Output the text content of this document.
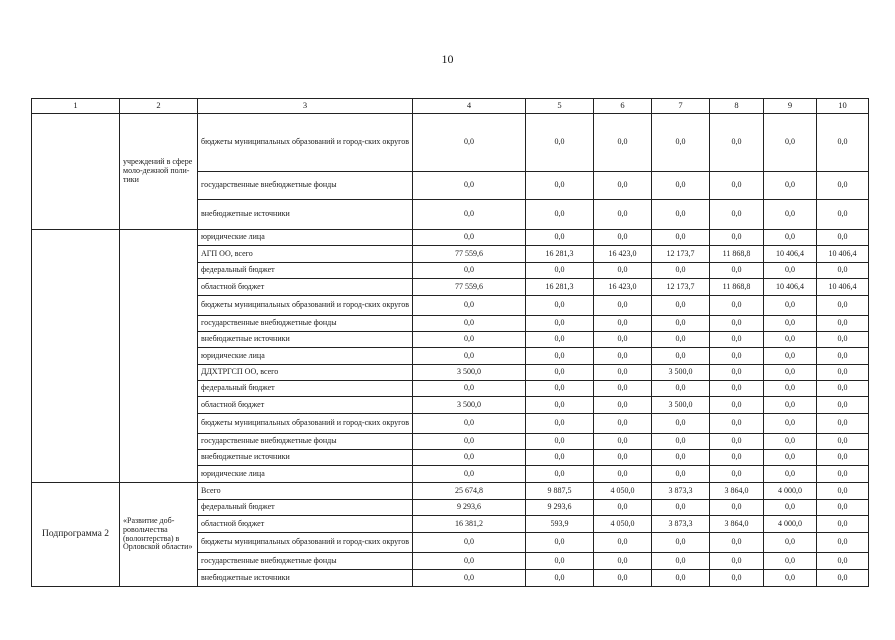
10
1	2	3	4	5	6	7	8	9	10
	учреждений в сфере моло-дежной поли-тики	бюджеты муниципальных образований и город-ских округов	0,0	0,0	0,0	0,0	0,0	0,0	0,0
		государственные внебюджетные фонды	0,0	0,0	0,0	0,0	0,0	0,0	0,0
		внебюджетные источники	0,0	0,0	0,0	0,0	0,0	0,0	0,0
		юридические лица	0,0	0,0	0,0	0,0	0,0	0,0	0,0
		АГП ОО, всего	77 559,6	16 281,3	16 423,0	12 173,7	11 868,8	10 406,4	10 406,4
		федеральный бюджет	0,0	0,0	0,0	0,0	0,0	0,0	0,0
		областной бюджет	77 559,6	16 281,3	16 423,0	12 173,7	11 868,8	10 406,4	10 406,4
		бюджеты муниципальных образований и город-ских округов	0,0	0,0	0,0	0,0	0,0	0,0	0,0
		государственные внебюджетные фонды	0,0	0,0	0,0	0,0	0,0	0,0	0,0
		внебюджетные источники	0,0	0,0	0,0	0,0	0,0	0,0	0,0
		юридические лица	0,0	0,0	0,0	0,0	0,0	0,0	0,0
		ДДХТРГСП ОО, всего	3 500,0	0,0	0,0	3 500,0	0,0	0,0	0,0
		федеральный бюджет	0,0	0,0	0,0	0,0	0,0	0,0	0,0
		областной бюджет	3 500,0	0,0	0,0	3 500,0	0,0	0,0	0,0
		бюджеты муниципальных образований и город-ских округов	0,0	0,0	0,0	0,0	0,0	0,0	0,0
		государственные внебюджетные фонды	0,0	0,0	0,0	0,0	0,0	0,0	0,0
		внебюджетные источники	0,0	0,0	0,0	0,0	0,0	0,0	0,0
		юридические лица	0,0	0,0	0,0	0,0	0,0	0,0	0,0
Подпрограмма 2	«Развитие доб-ровольчества (волонтерства) в Орловской области»	Всего	25 674,8	9 887,5	4 050,0	3 873,3	3 864,0	4 000,0	0,0
		федеральный бюджет	9 293,6	9 293,6	0,0	0,0	0,0	0,0	0,0
		областной бюджет	16 381,2	593,9	4 050,0	3 873,3	3 864,0	4 000,0	0,0
		бюджеты муниципальных образований и город-ских округов	0,0	0,0	0,0	0,0	0,0	0,0	0,0
		государственные внебюджетные фонды	0,0	0,0	0,0	0,0	0,0	0,0	0,0
		внебюджетные источники	0,0	0,0	0,0	0,0	0,0	0,0	0,0
